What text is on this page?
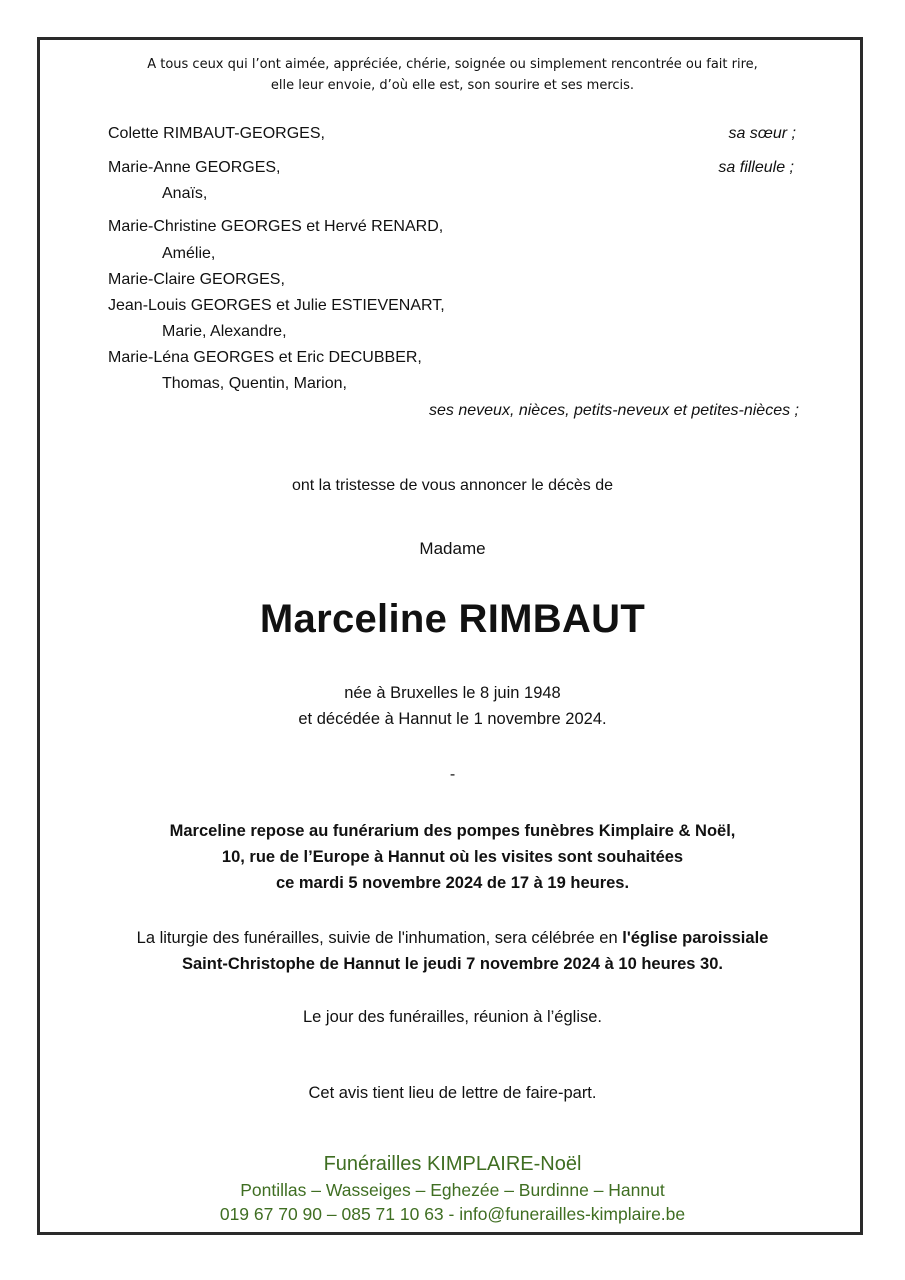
A tous ceux qui l’ont aimée, appréciée, chérie, soignée ou simplement rencontrée ou fait rire,
elle leur envoie, d’où elle est, son sourire et ses mercis.
Colette RIMBAUT-GEORGES,	sa sœur ;
Marie-Anne GEORGES,	sa filleule ;
Anaïs,
Marie-Christine GEORGES et Hervé RENARD,
Amélie,
Marie-Claire GEORGES,
Jean-Louis GEORGES et Julie ESTIEVENART,
Marie, Alexandre,
Marie-Léna GEORGES et Eric DECUBBER,
Thomas, Quentin, Marion,
ses neveux, nièces, petits-neveux et petites-nièces ;
ont la tristesse de vous annoncer le décès de
Madame
Marceline RIMBAUT
née à Bruxelles le 8 juin 1948
et décédée à Hannut le 1 novembre 2024.
-
Marceline repose au funérarium des pompes funèbres Kimplaire & Noël,
10, rue de l’Europe à Hannut où les visites sont souhaitées
ce mardi 5 novembre 2024 de 17 à 19 heures.
La liturgie des funérailles, suivie de l'inhumation, sera célébrée en l'église paroissiale
Saint-Christophe de Hannut le jeudi 7 novembre 2024 à 10 heures 30.
Le jour des funérailles, réunion à l’église.
Cet avis tient lieu de lettre de faire-part.
Funérailles KIMPLAIRE-Noël
Pontillas – Wasseiges – Eghezée – Burdinne – Hannut
019 67 70 90 – 085 71 10 63 - info@funerailles-kimplaire.be
